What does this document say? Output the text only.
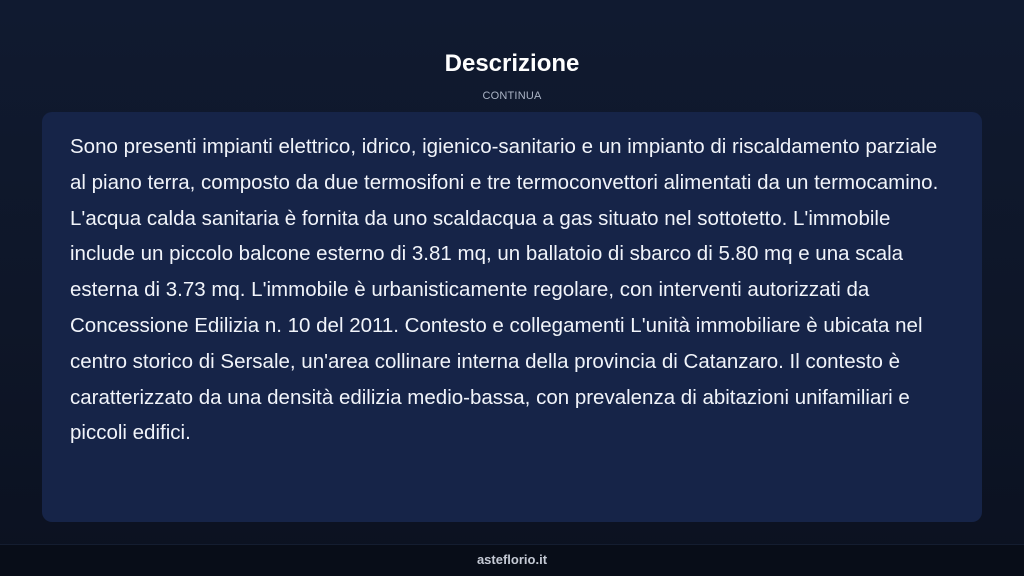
Descrizione
CONTINUA

Sono presenti impianti elettrico, idrico, igienico-sanitario e un impianto di riscaldamento parziale al piano terra, composto da due termosifoni e tre termoconvettori alimentati da un termocamino. L'acqua calda sanitaria è fornita da uno scaldacqua a gas situato nel sottotetto. L'immobile include un piccolo balcone esterno di 3.81 mq, un ballatoio di sbarco di 5.80 mq e una scala esterna di 3.73 mq. L'immobile è urbanisticamente regolare, con interventi autorizzati da Concessione Edilizia n. 10 del 2011. Contesto e collegamenti L'unità immobiliare è ubicata nel centro storico di Sersale, un'area collinare interna della provincia di Catanzaro. Il contesto è caratterizzato da una densità edilizia medio-bassa, con prevalenza di abitazioni unifamiliari e piccoli edifici.

asteflorio.it
